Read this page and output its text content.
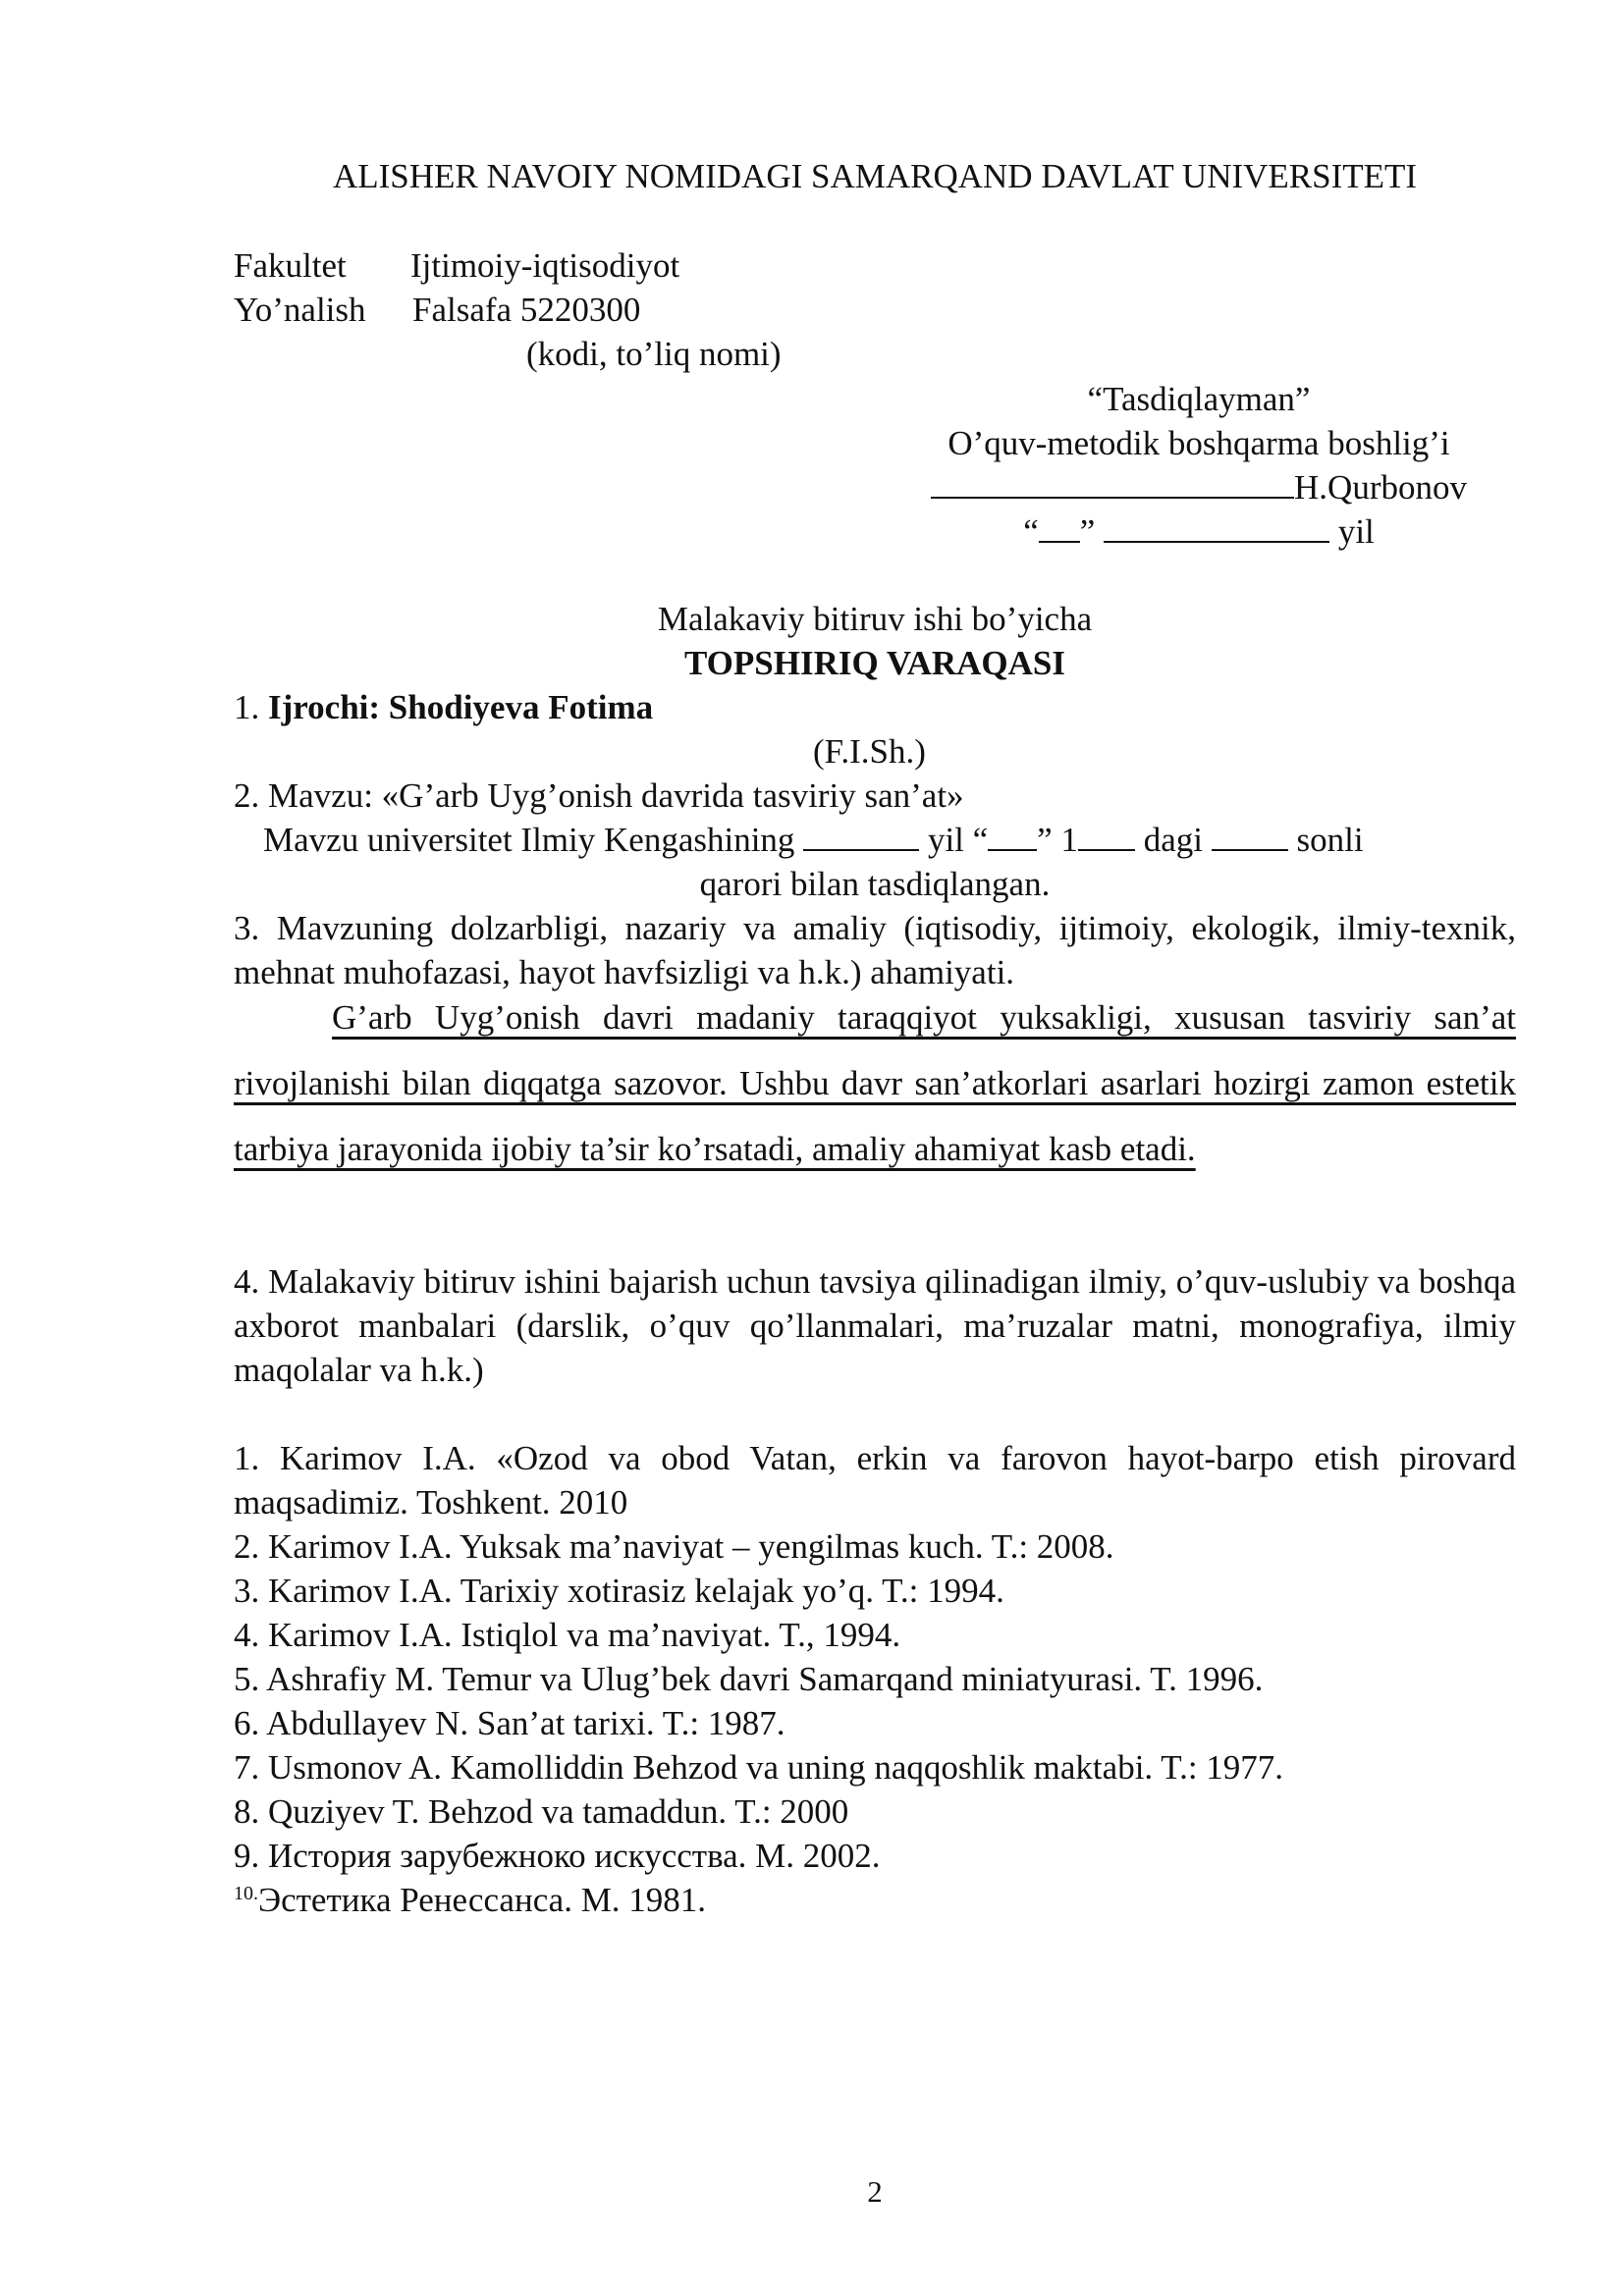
ALISHER NAVOIY NOMIDAGI SAMARQAND DAVLAT UNIVERSITETI
Fakultet Ijtimoiy-iqtisodiyot
Yo’nalish Falsafa 5220300
(kodi, to’liq nomi)
“Tasdiqlayman”
O’quv-metodik boshqarma boshlig’i
H.Qurbonov
“ ”	yil
Malakaviy bitiruv ishi bo’yicha
TOPSHIRIQ VARAQASI
1. Ijrochi: Shodiyeva Fotima
(F.I.Sh.)
2. Mavzu: «G’arb Uyg’onish davrida tasviriy san’at»
Mavzu universitet Ilmiy Kengashining	yil “ ” 1 dagi	sonli
qarori bilan tasdiqlangan.
3. Mavzuning dolzarbligi, nazariy va amaliy (iqtisodiy, ijtimoiy, ekologik, ilmiy-texnik, mehnat muhofazasi, hayot havfsizligi va h.k.) ahamiyati.
G’arb Uyg’onish davri madaniy taraqqiyot yuksakligi, xususan tasviriy san’at rivojlanishi bilan diqqatga sazovor. Ushbu davr san’atkorlari asarlari hozirgi zamon estetik tarbiya jarayonida ijobiy ta’sir ko’rsatadi, amaliy ahamiyat kasb etadi.
4. Malakaviy bitiruv ishini bajarish uchun tavsiya qilinadigan ilmiy, o’quv-uslubiy va boshqa axborot manbalari (darslik, o’quv qo’llanmalari, ma’ruzalar matni, monografiya, ilmiy maqolalar va h.k.)
1. Karimov I.A. «Ozod va obod Vatan, erkin va farovon hayot-barpo etish pirovard maqsadimiz. Toshkent. 2010
2. Karimov I.A. Yuksak ma’naviyat – yengilmas kuch. T.: 2008.
3. Karimov I.A. Tarixiy xotirasiz kelajak yo’q. T.: 1994.
4. Karimov I.A. Istiqlol va ma’naviyat. T., 1994.
5. Ashrafiy M. Temur va Ulug’bek davri Samarqand miniatyurasi. T. 1996.
6. Abdullayev N. San’at tarixi. T.: 1987.
7. Usmonov A. Kamolliddin Behzod va uning naqqoshlik maktabi. T.: 1977.
8. Quziyev T. Behzod va tamaddun. T.: 2000
9. История зарубежноко искусства. М. 2002.
$^{10.}$Эстетика Ренессанса. М. 1981.
2
